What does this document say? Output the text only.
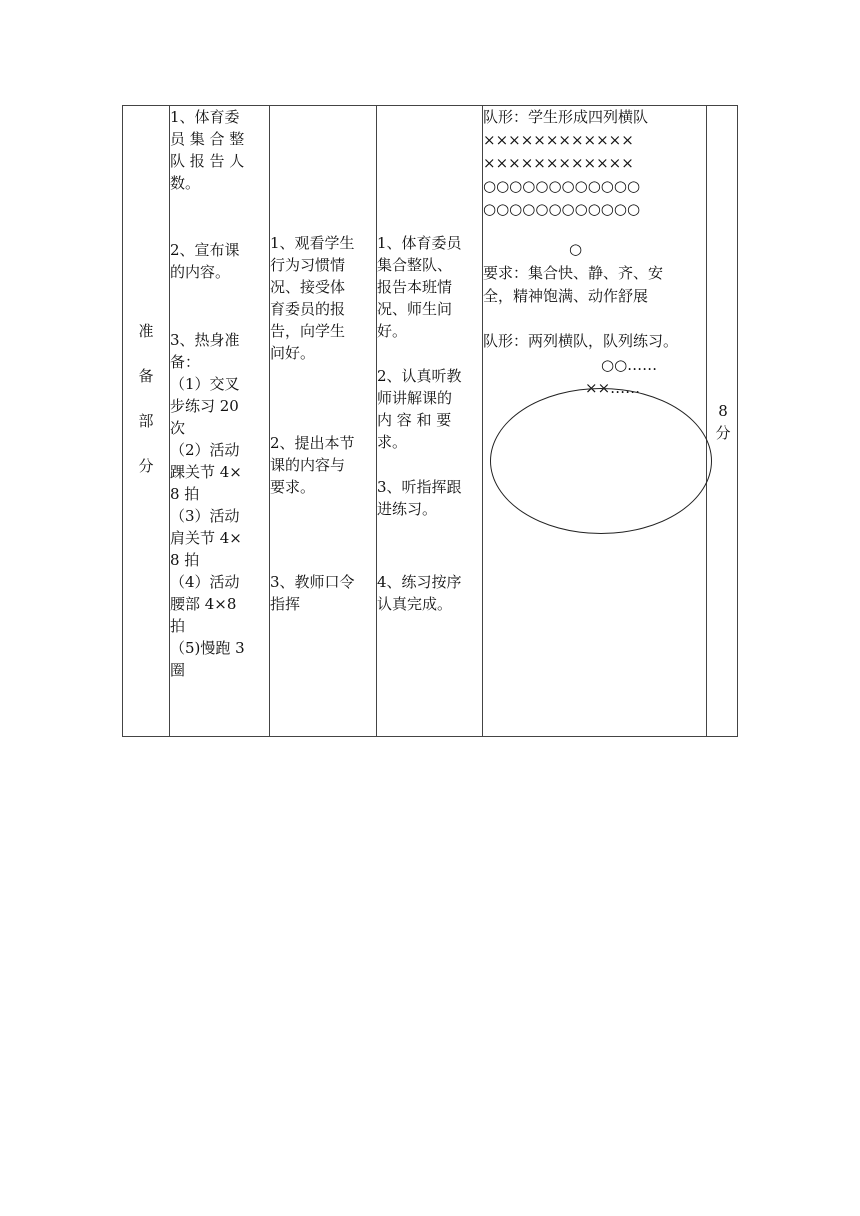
准
备
部
分
1、体育委
员 集 合 整
队 报 告 人
数。
2、宣布课
的内容。
3、热身准
备：
（1）交叉
步练习 20
次
（2）活动
踝关节 4×
8 拍
（3）活动
肩关节 4×
8 拍
（4）活动
腰部 4×8
拍
（5)慢跑 3
圈
1、观看学生
行为习惯情
况、接受体
育委员的报
告，向学生
问好。
2、提出本节
课的内容与
要求。
3、教师口令
指挥
1、体育委员
集合整队、
报告本班情
况、师生问
好。
2、认真听教
师讲解课的
内 容 和 要
求。
3、听指挥跟
进练习。
4、练习按序
认真完成。
队形：学生形成四列横队
××××××××××××
××××××××××××
○○○○○○○○○○○○
○○○○○○○○○○○○
○
要求：集合快、静、齐、安
全，精神饱满、动作舒展
队形：两列横队，队列练习。
○○……
××……
8
分
